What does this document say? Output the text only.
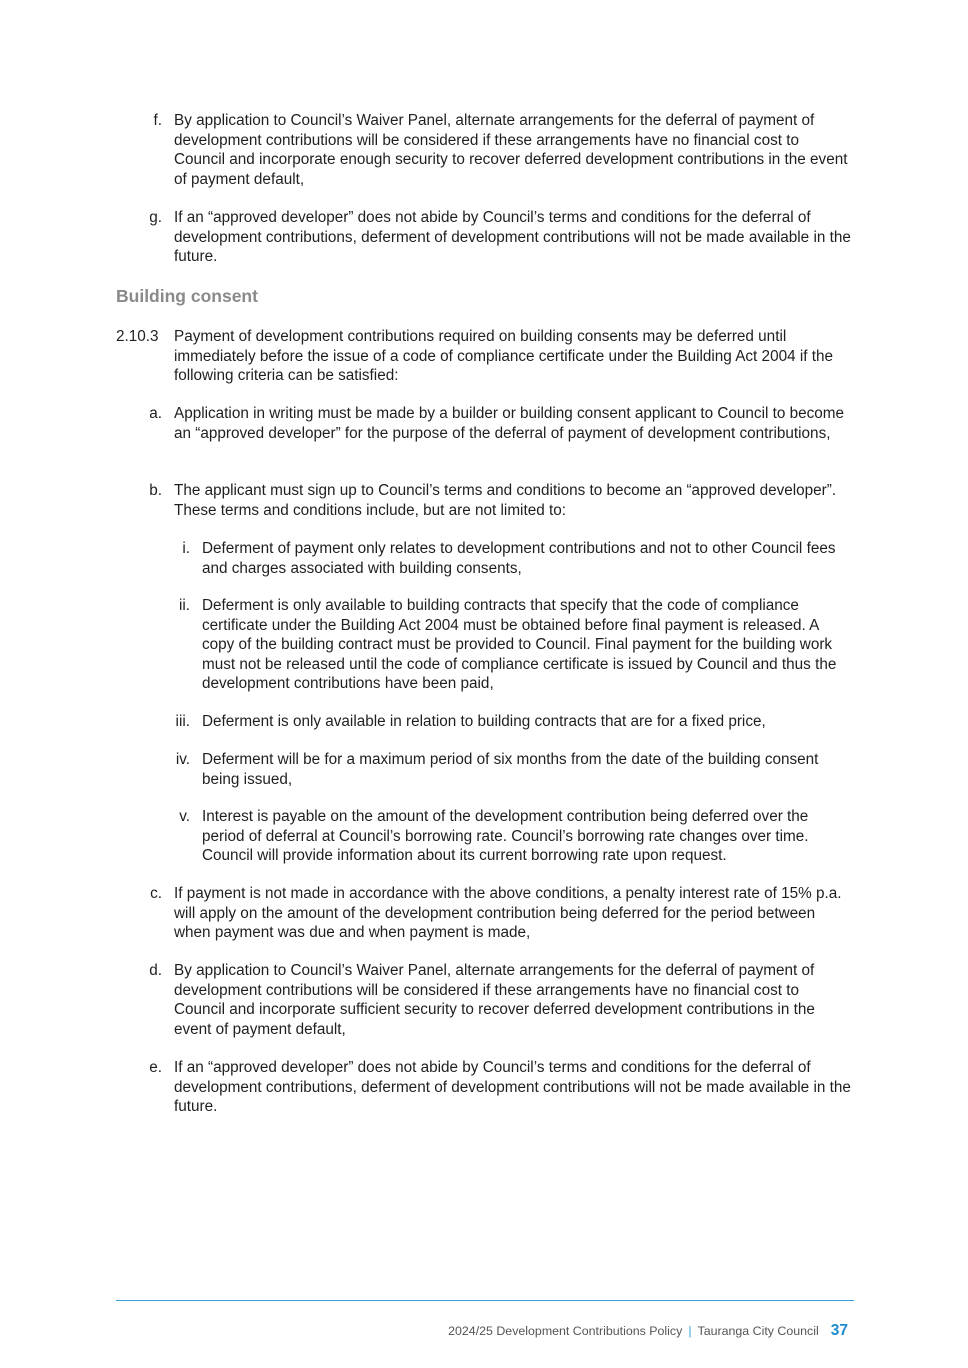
f. By application to Council’s Waiver Panel, alternate arrangements for the deferral of payment of development contributions will be considered if these arrangements have no financial cost to Council and incorporate enough security to recover deferred development contributions in the event of payment default,
g. If an “approved developer” does not abide by Council’s terms and conditions for the deferral of development contributions, deferment of development contributions will not be made available in the future.
Building consent
2.10.3	Payment of development contributions required on building consents may be deferred until immediately before the issue of a code of compliance certificate under the Building Act 2004 if the following criteria can be satisfied:
a. Application in writing must be made by a builder or building consent applicant to Council to become an “approved developer” for the purpose of the deferral of payment of development contributions,
b. The applicant must sign up to Council’s terms and conditions to become an “approved developer”. These terms and conditions include, but are not limited to:
i. Deferment of payment only relates to development contributions and not to other Council fees and charges associated with building consents,
ii. Deferment is only available to building contracts that specify that the code of compliance certificate under the Building Act 2004 must be obtained before final payment is released. A copy of the building contract must be provided to Council. Final payment for the building work must not be released until the code of compliance certificate is issued by Council and thus the development contributions have been paid,
iii. Deferment is only available in relation to building contracts that are for a fixed price,
iv. Deferment will be for a maximum period of six months from the date of the building consent being issued,
v. Interest is payable on the amount of the development contribution being deferred over the period of deferral at Council’s borrowing rate. Council’s borrowing rate changes over time. Council will provide information about its current borrowing rate upon request.
c. If payment is not made in accordance with the above conditions, a penalty interest rate of 15% p.a. will apply on the amount of the development contribution being deferred for the period between when payment was due and when payment is made,
d. By application to Council’s Waiver Panel, alternate arrangements for the deferral of payment of development contributions will be considered if these arrangements have no financial cost to Council and incorporate sufficient security to recover deferred development contributions in the event of payment default,
e. If an “approved developer” does not abide by Council’s terms and conditions for the deferral of development contributions, deferment of development contributions will not be made available in the future.
2024/25 Development Contributions Policy | Tauranga City Council 37
